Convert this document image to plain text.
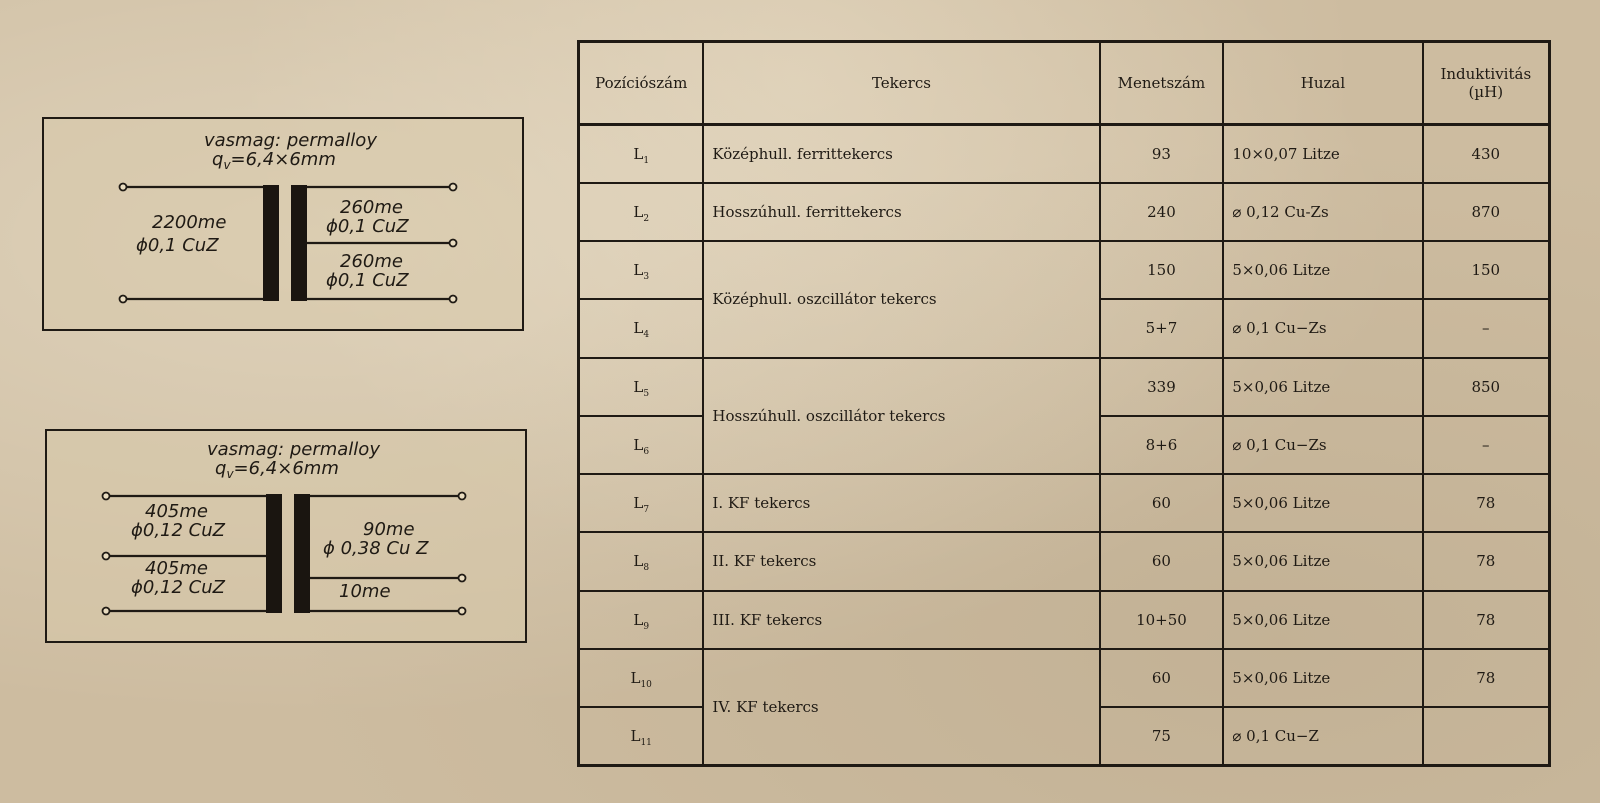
vasmag: permalloy
$q_v=6,4\times 6mm$
2200me
ϕ0,1 CuZ
260me
ϕ0,1 CuZ
260me
ϕ0,1 CuZ
vasmag: permalloy
$q_v=6,4\times 6mm$
405me
ϕ0,12 CuZ
405me
ϕ0,12 CuZ
90me
ϕ 0,38 Cu Z
10me
Pozíciószám	Tekercs	Menetszám	Huzal	Induktivitás
(µH)
$L_1$	Középhull. ferrittekercs	93	10×0,07 Litze	430
$L_2$	Hosszúhull. ferrittekercs	240	⌀ 0,12 Cu-Zs	870
$L_3$	Középhull. oszcillátor tekercs	150	5×0,06 Litze	150
$L_4$		5+7	⌀ 0,1 Cu−Zs	–
$L_5$	Hosszúhull. oszcillátor tekercs	339	5×0,06 Litze	850
$L_6$		8+6	⌀ 0,1 Cu−Zs	–
$L_7$	I. KF tekercs	60	5×0,06 Litze	78
$L_8$	II. KF tekercs	60	5×0,06 Litze	78
$L_9$	III. KF tekercs	10+50	5×0,06 Litze	78
$L_{10}$	IV. KF tekercs	60	5×0,06 Litze	78
$L_{11}$		75	⌀ 0,1 Cu−Z	
